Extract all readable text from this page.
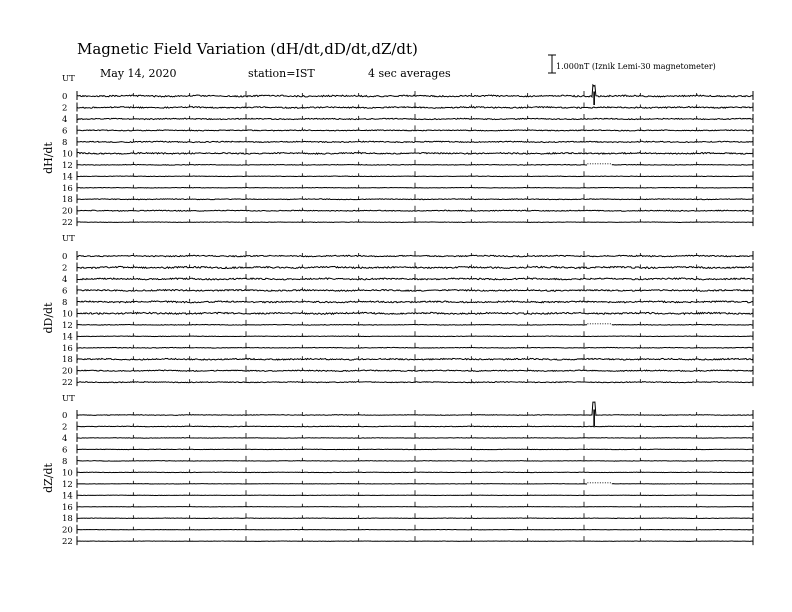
Magnetic Field Variation (dH/dt,dD/dt,dZ/dt)
May 14, 2020	station=IST	4 sec averages
1.000nT (Iznik Lemi-30 magnetometer)
UT
dH/dt
0
2
4
6
8
10
12
14
16
18
20
22
UT
dD/dt
0
2
4
6
8
10
12
14
16
18
20
22
UT
dZ/dt
0
2
4
6
8
10
12
14
16
18
20
22
